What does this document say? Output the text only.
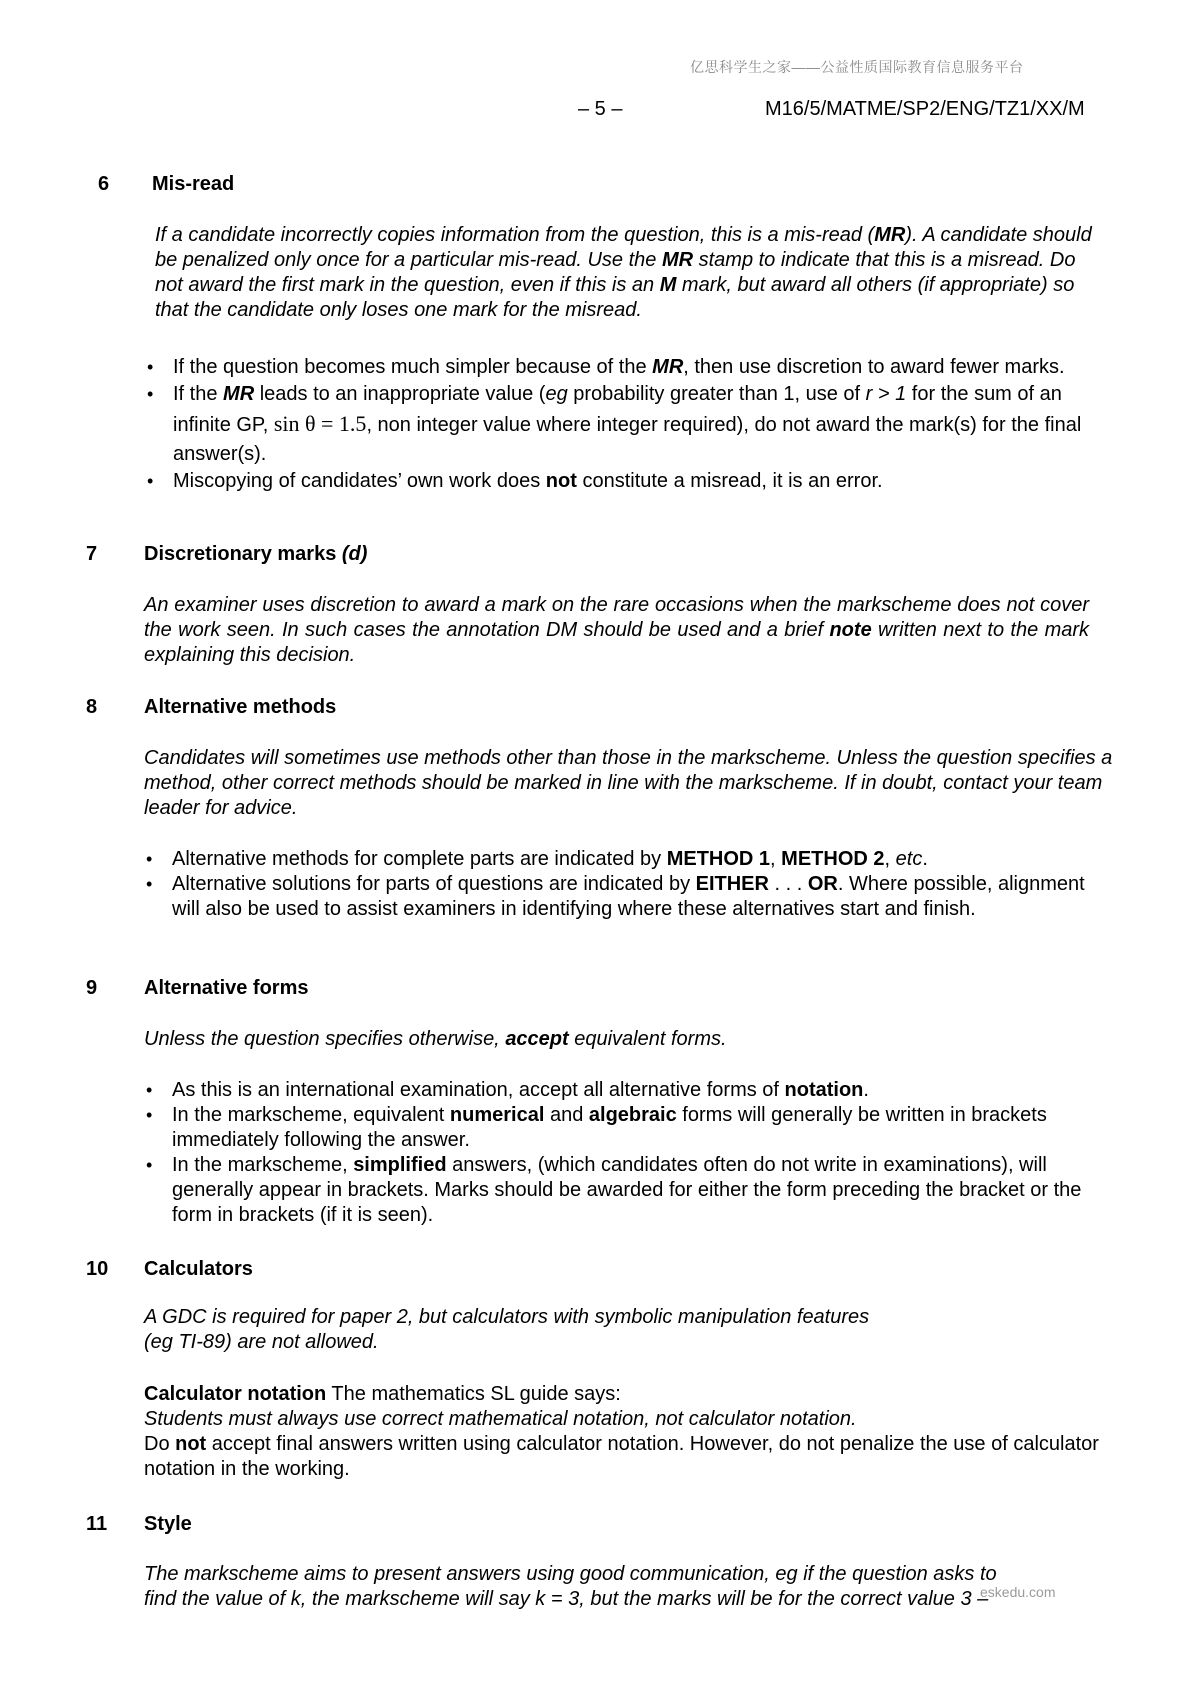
亿思科学生之家——公益性质国际教育信息服务平台
– 5 –	M16/5/MATME/SP2/ENG/TZ1/XX/M
6 Mis-read
If a candidate incorrectly copies information from the question, this is a mis-read (MR). A candidate should be penalized only once for a particular mis-read. Use the MR stamp to indicate that this is a misread. Do not award the first mark in the question, even if this is an M mark, but award all others (if appropriate) so that the candidate only loses one mark for the misread.
• If the question becomes much simpler because of the MR, then use discretion to award fewer marks.
• If the MR leads to an inappropriate value (eg probability greater than 1, use of r > 1 for the sum of an infinite GP, sin θ = 1.5, non integer value where integer required), do not award the mark(s) for the final answer(s).
• Miscopying of candidates’ own work does not constitute a misread, it is an error.
7 Discretionary marks (d)
An examiner uses discretion to award a mark on the rare occasions when the markscheme does not cover the work seen. In such cases the annotation DM should be used and a brief note written next to the mark explaining this decision.
8 Alternative methods
Candidates will sometimes use methods other than those in the markscheme. Unless the question specifies a method, other correct methods should be marked in line with the markscheme. If in doubt, contact your team leader for advice.
• Alternative methods for complete parts are indicated by METHOD 1, METHOD 2, etc.
• Alternative solutions for parts of questions are indicated by EITHER . . . OR. Where possible, alignment will also be used to assist examiners in identifying where these alternatives start and finish.
9 Alternative forms
Unless the question specifies otherwise, accept equivalent forms.
• As this is an international examination, accept all alternative forms of notation.
• In the markscheme, equivalent numerical and algebraic forms will generally be written in brackets immediately following the answer.
• In the markscheme, simplified answers, (which candidates often do not write in examinations), will generally appear in brackets. Marks should be awarded for either the form preceding the bracket or the form in brackets (if it is seen).
10 Calculators
A GDC is required for paper 2, but calculators with symbolic manipulation features
(eg TI-89) are not allowed.
Calculator notation The mathematics SL guide says:
Students must always use correct mathematical notation, not calculator notation.
Do not accept final answers written using calculator notation. However, do not penalize the use of calculator notation in the working.
11 Style
The markscheme aims to present answers using good communication, eg if the question asks to
find the value of k, the markscheme will say k = 3, but the marks will be for the correct value 3 –
eskedu.com
